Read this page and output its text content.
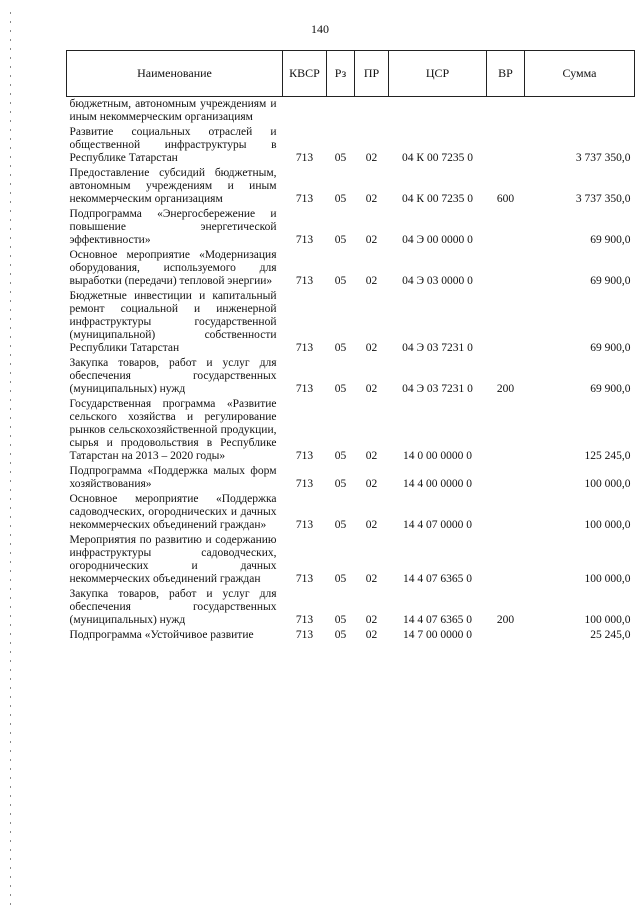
140
Наименование	КВСР	Рз	ПР	ЦСР	ВР	Сумма
бюджетным, автономным учреждениям и иным некоммерческим организациям						
Развитие социальных отраслей и общественной инфраструктуры в Республике Татарстан	713	05	02	04 К 00 7235 0		3 737 350,0
Предоставление субсидий бюджетным, автономным учреждениям и иным некоммерческим организациям	713	05	02	04 К 00 7235 0	600	3 737 350,0
Подпрограмма «Энергосбережение и повышение энергетической эффективности»	713	05	02	04 Э 00 0000 0		69 900,0
Основное мероприятие «Модернизация оборудования, используемого для выработки (передачи) тепловой энергии»	713	05	02	04 Э 03 0000 0		69 900,0
Бюджетные инвестиции и капитальный ремонт социальной и инженерной инфраструктуры государственной (муниципальной) собственности Республики Татарстан	713	05	02	04 Э 03 7231 0		69 900,0
Закупка товаров, работ и услуг для обеспечения государственных (муниципальных) нужд	713	05	02	04 Э 03 7231 0	200	69 900,0
Государственная программа «Развитие сельского хозяйства и регулирование рынков сельскохозяйственной продукции, сырья и продовольствия в Республике Татарстан на 2013 – 2020 годы»	713	05	02	14 0 00 0000 0		125 245,0
Подпрограмма «Поддержка малых форм хозяйствования»	713	05	02	14 4 00 0000 0		100 000,0
Основное мероприятие «Поддержка садоводческих, огороднических и дачных некоммерческих объединений граждан»	713	05	02	14 4 07 0000 0		100 000,0
Мероприятия по развитию и содержанию инфраструктуры садоводческих, огороднических и дачных некоммерческих объединений граждан	713	05	02	14 4 07 6365 0		100 000,0
Закупка товаров, работ и услуг для обеспечения государственных (муниципальных) нужд	713	05	02	14 4 07 6365 0	200	100 000,0
Подпрограмма «Устойчивое развитие	713	05	02	14 7 00 0000 0		25 245,0
